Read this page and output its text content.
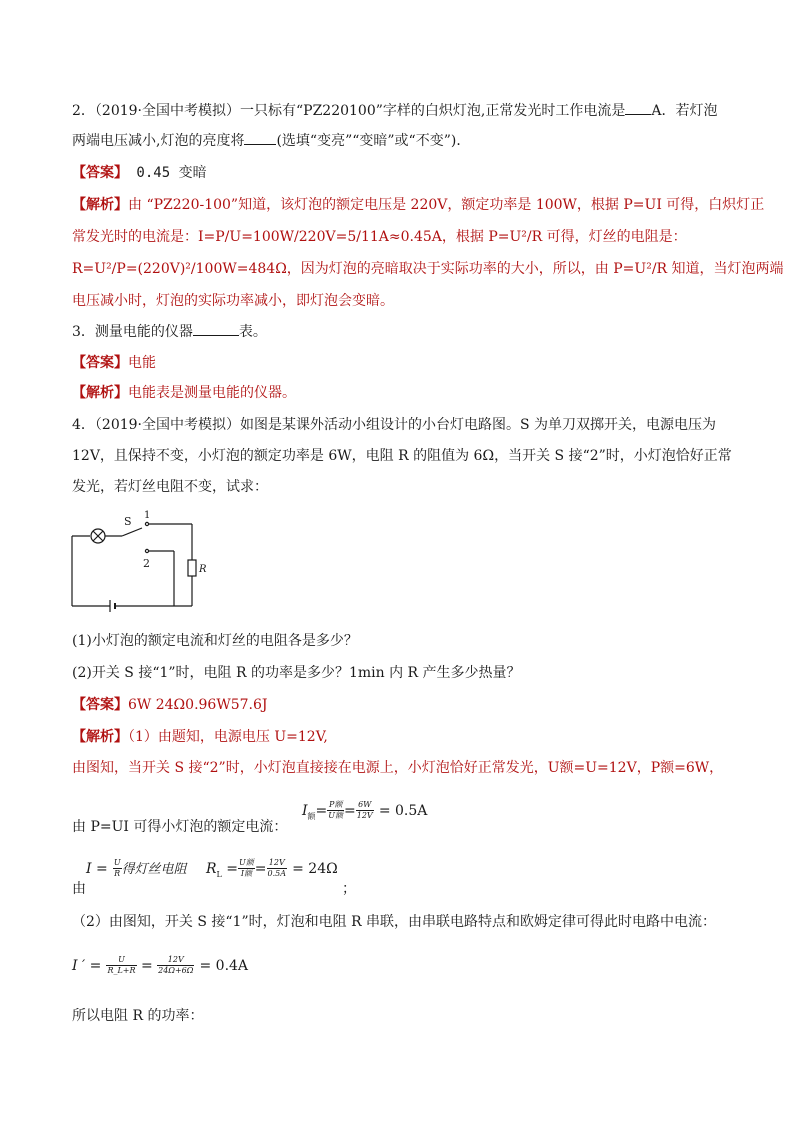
2．（2019·全国中考模拟）一只标有“PZ220100”字样的白炽灯泡,正常发光时工作电流是 A．若灯泡
两端电压减小,灯泡的亮度将 (选填“变亮”“变暗”或“不变”)．
【答案】 0.45 变暗
【解析】由 “PZ220-100”知道，该灯泡的额定电压是 220V，额定功率是 100W，根据 P=UI 可得，白炽灯正
常发光时的电流是：I=P/U=100W/220V=5/11A≈0.45A，根据 P=U²/R 可得，灯丝的电阻是：
R=U²/P=(220V)²/100W=484Ω，因为灯泡的亮暗取决于实际功率的大小，所以，由 P=U²/R 知道，当灯泡两端
电压减小时，灯泡的实际功率减小，即灯泡会变暗。
3．测量电能的仪器	表。
【答案】电能
【解析】电能表是测量电能的仪器。
4．（2019·全国中考模拟）如图是某课外活动小组设计的小台灯电路图。S 为单刀双掷开关，电源电压为
12V，且保持不变，小灯泡的额定功率是 6W，电阻 R 的阻值为 6Ω，当开关 S 接“2”时，小灯泡恰好正常
发光，若灯丝电阻不变，试求：
S 1
2	R
(1)小灯泡的额定电流和灯丝的电阻各是多少？
(2)开关 S 接“1”时，电阻 R 的功率是多少？1min 内 R 产生多少热量？
【答案】6W 24Ω0.96W57.6J
【解析】（1）由题知，电源电压 U=12V,
由图知，当开关 S 接“2”时，小灯泡直接接在电源上，小灯泡恰好正常发光，U额=U=12V，P额=6W，
$I_额= \frac{\text{P额}}{\text{U额}} = \frac{6W}{12V} = 0.5A$
由 P=UI 可得小灯泡的额定电流：
$I = \frac{U}{R}$ 得灯丝电阻 $R_L = \frac{\text{U额}}{\text{I额}} = \frac{12V}{0.5A} = 24\Omega$
由	；
（2）由图知，开关 S 接“1”时，灯泡和电阻 R 串联，由串联电路特点和欧姆定律可得此时电路中电流：
I ′ = $\frac{U}{R\_L+R} = \frac{12V}{24\Omega+6\Omega} = 0.4A$
所以电阻 R 的功率：
